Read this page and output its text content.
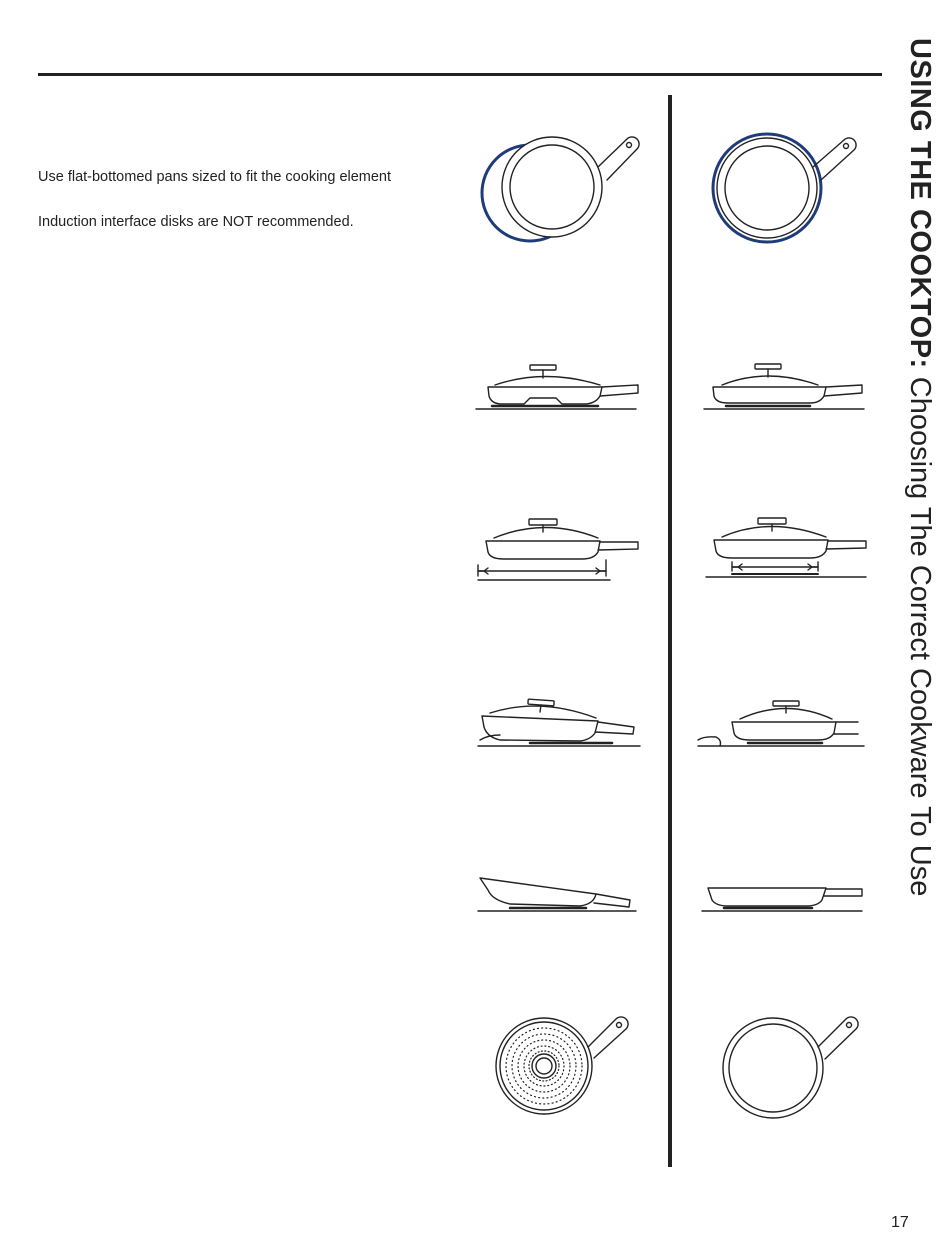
Use flat-bottomed pans sized to fit the cooking element
Induction interface disks are NOT recommended.	USING THE COOKTOP: Choosing The Correct Cookware To Use
17
